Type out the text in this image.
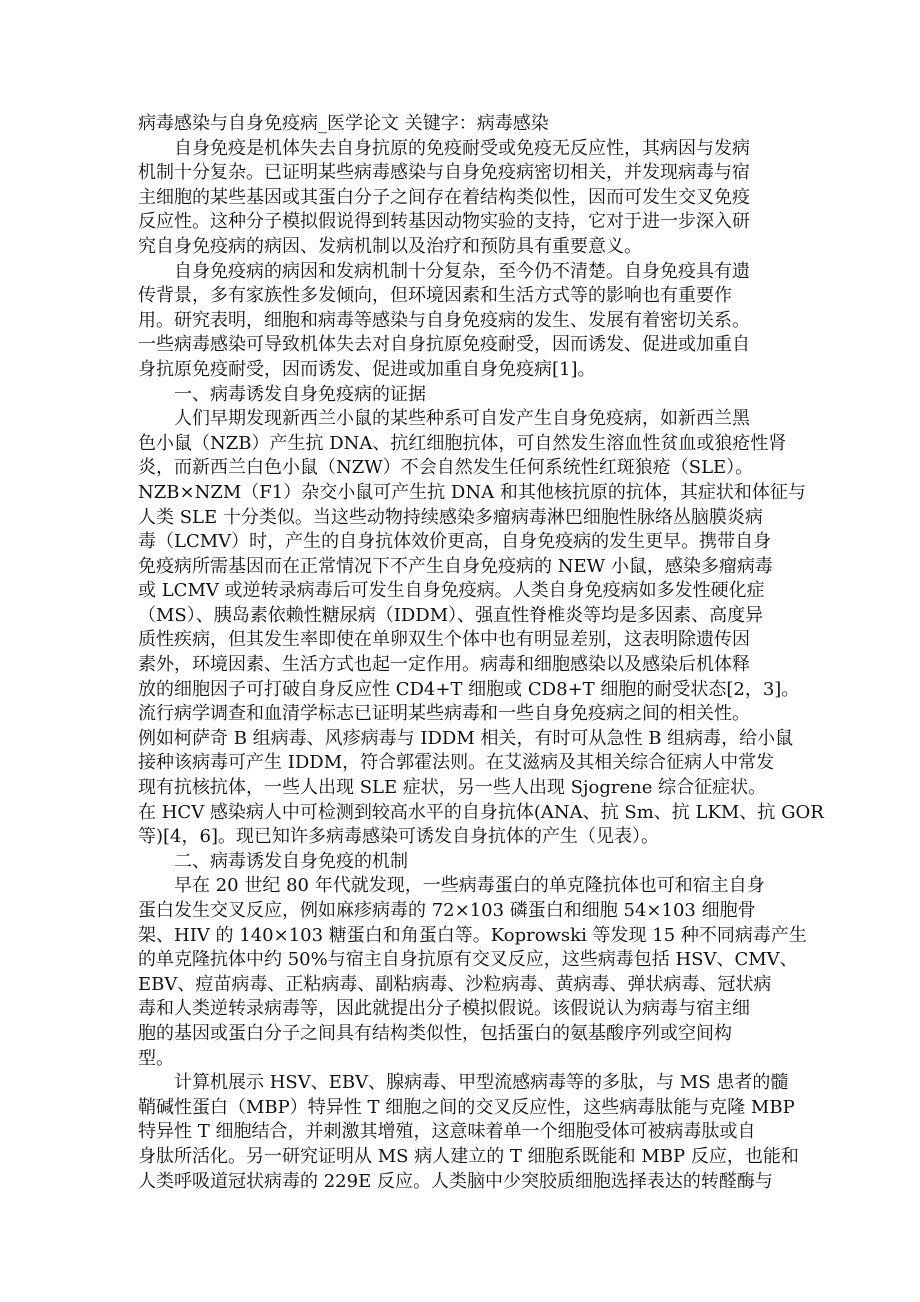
病毒感染与自身免疫病_医学论文 关键字：病毒感染
自身免疫是机体失去自身抗原的免疫耐受或免疫无反应性，其病因与发病
机制十分复杂。已证明某些病毒感染与自身免疫病密切相关，并发现病毒与宿
主细胞的某些基因或其蛋白分子之间存在着结构类似性，因而可发生交叉免疫
反应性。这种分子模拟假说得到转基因动物实验的支持，它对于进一步深入研
究自身免疫病的病因、发病机制以及治疗和预防具有重要意义。
自身免疫病的病因和发病机制十分复杂，至今仍不清楚。自身免疫具有遗
传背景，多有家族性多发倾向，但环境因素和生活方式等的影响也有重要作
用。研究表明，细胞和病毒等感染与自身免疫病的发生、发展有着密切关系。
一些病毒感染可导致机体失去对自身抗原免疫耐受，因而诱发、促进或加重自
身抗原免疫耐受，因而诱发、促进或加重自身免疫病[1]。
一、病毒诱发自身免疫病的证据
人们早期发现新西兰小鼠的某些种系可自发产生自身免疫病，如新西兰黑
色小鼠（NZB）产生抗 DNA、抗红细胞抗体，可自然发生溶血性贫血或狼疮性肾
炎，而新西兰白色小鼠（NZW）不会自然发生任何系统性红斑狼疮（SLE）。
NZB×NZM（F1）杂交小鼠可产生抗 DNA 和其他核抗原的抗体，其症状和体征与
人类 SLE 十分类似。当这些动物持续感染多瘤病毒淋巴细胞性脉络丛脑膜炎病
毒（LCMV）时，产生的自身抗体效价更高，自身免疫病的发生更早。携带自身
免疫病所需基因而在正常情况下不产生自身免疫病的 NEW 小鼠，感染多瘤病毒
或 LCMV 或逆转录病毒后可发生自身免疫病。人类自身免疫病如多发性硬化症
（MS）、胰岛素依赖性糖尿病（IDDM）、强直性脊椎炎等均是多因素、高度异
质性疾病，但其发生率即使在单卵双生个体中也有明显差别，这表明除遗传因
素外，环境因素、生活方式也起一定作用。病毒和细胞感染以及感染后机体释
放的细胞因子可打破自身反应性 CD4+T 细胞或 CD8+T 细胞的耐受状态[2，3]。
流行病学调查和血清学标志已证明某些病毒和一些自身免疫病之间的相关性。
例如柯萨奇 B 组病毒、风疹病毒与 IDDM 相关，有时可从急性 B 组病毒，给小鼠
接种该病毒可产生 IDDM，符合郭霍法则。在艾滋病及其相关综合征病人中常发
现有抗核抗体，一些人出现 SLE 症状，另一些人出现 Sjogrene 综合征症状。
在 HCV 感染病人中可检测到较高水平的自身抗体(ANA、抗 Sm、抗 LKM、抗 GOR
等)[4，6]。现已知许多病毒感染可诱发自身抗体的产生（见表）。
二、病毒诱发自身免疫的机制
早在 20 世纪 80 年代就发现，一些病毒蛋白的单克隆抗体也可和宿主自身
蛋白发生交叉反应，例如麻疹病毒的 72×103 磷蛋白和细胞 54×103 细胞骨
架、HIV 的 140×103 糖蛋白和角蛋白等。Koprowski 等发现 15 种不同病毒产生
的单克隆抗体中约 50%与宿主自身抗原有交叉反应，这些病毒包括 HSV、CMV、
EBV、痘苗病毒、正粘病毒、副粘病毒、沙粒病毒、黄病毒、弹状病毒、冠状病
毒和人类逆转录病毒等，因此就提出分子模拟假说。该假说认为病毒与宿主细
胞的基因或蛋白分子之间具有结构类似性，包括蛋白的氨基酸序列或空间构
型。
计算机展示 HSV、EBV、腺病毒、甲型流感病毒等的多肽，与 MS 患者的髓
鞘碱性蛋白（MBP）特异性 T 细胞之间的交叉反应性，这些病毒肽能与克隆 MBP
特异性 T 细胞结合，并刺激其增殖，这意味着单一个细胞受体可被病毒肽或自
身肽所活化。另一研究证明从 MS 病人建立的 T 细胞系既能和 MBP 反应，也能和
人类呼吸道冠状病毒的 229E 反应。人类脑中少突胶质细胞选择表达的转醛酶与
